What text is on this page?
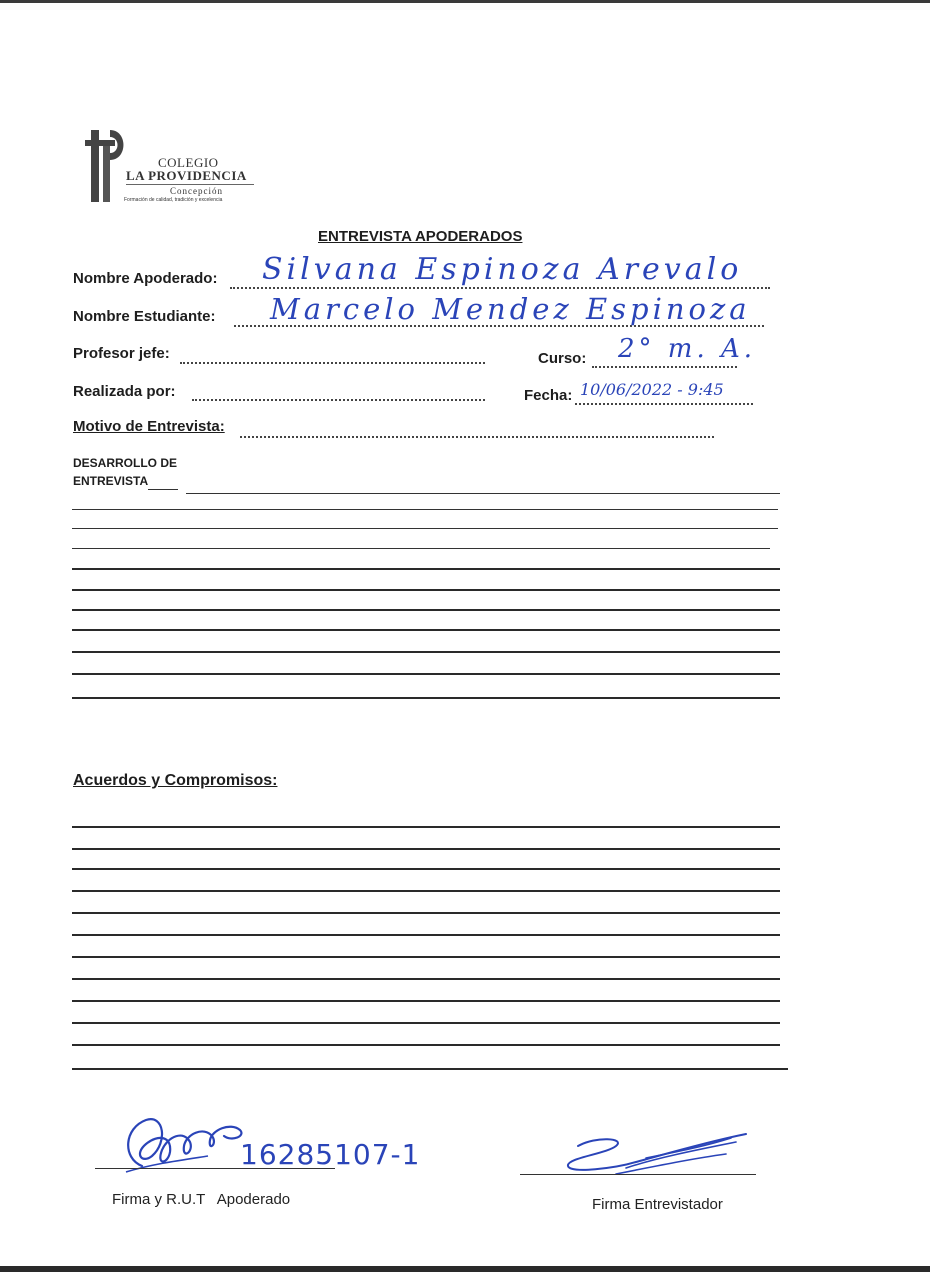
COLEGIO
LA PROVIDENCIA
Concepción
Formación de calidad, tradición y excelencia
ENTREVISTA APODERADOS
Nombre Apoderado: Silvana Espinoza Arevalo
Nombre Estudiante: Marcelo Mendez Espinoza
Profesor jefe:	Curso: 2° m. A.
Realizada por:	Fecha: 10/06/2022 - 9:45
Motivo de Entrevista:
DESARROLLO DE
ENTREVISTA
Acuerdos y Compromisos:
16285107-1
Firma y R.U.T   Apoderado	Firma Entrevistador
